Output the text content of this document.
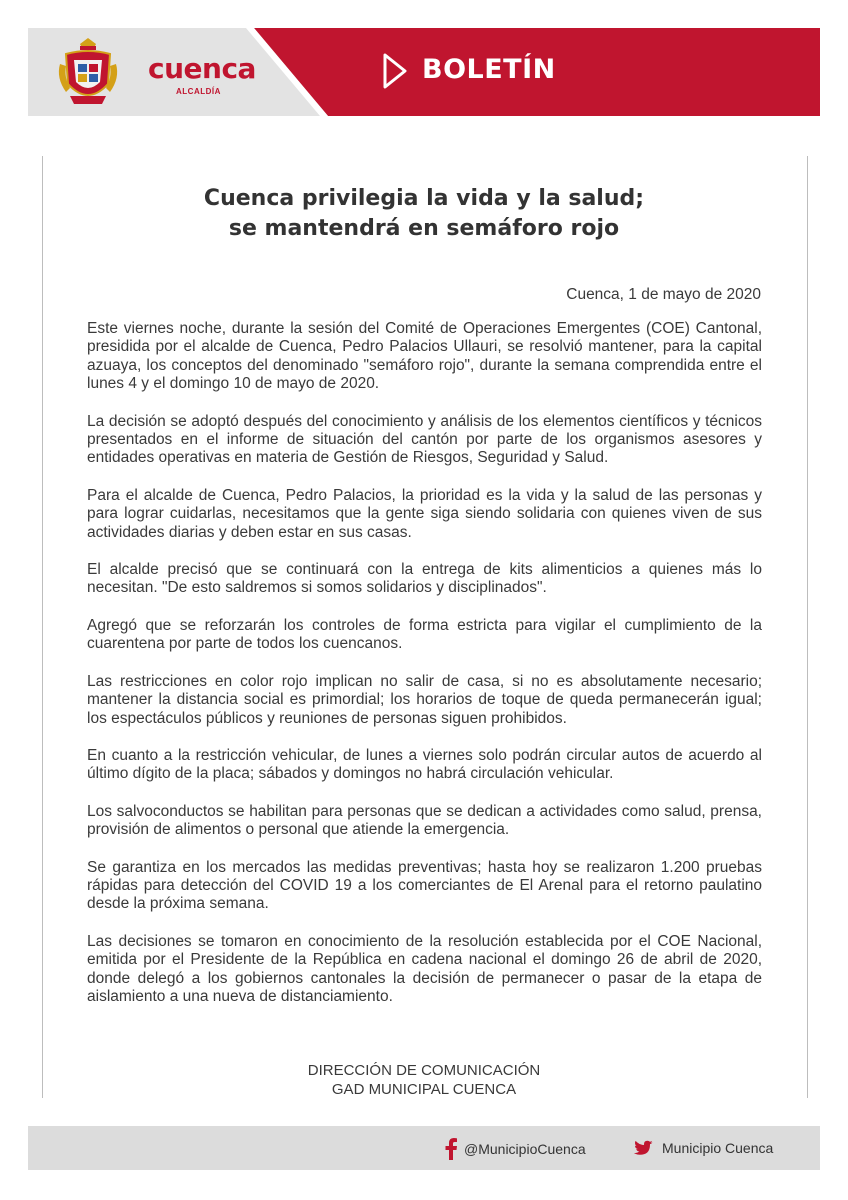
cuenca
ALCALDÍA
BOLETÍN
Cuenca privilegia la vida y la salud;
se mantendrá en semáforo rojo
Cuenca, 1 de mayo de 2020

Este viernes noche, durante la sesión del Comité de Operaciones Emergentes (COE) Cantonal, presidida por el alcalde de Cuenca, Pedro Palacios Ullauri, se resolvió mantener, para la capital azuaya, los conceptos del denominado "semáforo rojo", durante la semana comprendida entre el lunes 4 y el domingo 10 de mayo de 2020.

La decisión se adoptó después del conocimiento y análisis de los elementos científicos y técnicos presentados en el informe de situación del cantón por parte de los organismos asesores y entidades operativas en materia de Gestión de Riesgos, Seguridad y Salud.

Para el alcalde de Cuenca, Pedro Palacios, la prioridad es la vida y la salud de las personas y para lograr cuidarlas, necesitamos que la gente siga siendo solidaria con quienes viven de sus actividades diarias y deben estar en sus casas.

El alcalde precisó que se continuará con la entrega de kits alimenticios a quienes más lo necesitan. "De esto saldremos si somos solidarios y disciplinados".

Agregó que se reforzarán los controles de forma estricta para vigilar el cumplimiento de la cuarentena por parte de todos los cuencanos.

Las restricciones en color rojo implican no salir de casa, si no es absolutamente necesario; mantener la distancia social es primordial; los horarios de toque de queda permanecerán igual; los espectáculos públicos y reuniones de personas siguen prohibidos.

En cuanto a la restricción vehicular, de lunes a viernes solo podrán circular autos de acuerdo al último dígito de la placa; sábados y domingos no habrá circulación vehicular.

Los salvoconductos se habilitan para personas que se dedican a actividades como salud, prensa, provisión de alimentos o personal que atiende la emergencia.

Se garantiza en los mercados las medidas preventivas; hasta hoy se realizaron 1.200 pruebas rápidas para detección del COVID 19 a los comerciantes de El Arenal para el retorno paulatino desde la próxima semana.

Las decisiones se tomaron en conocimiento de la resolución establecida por el COE Nacional, emitida por el Presidente de la República en cadena nacional el domingo 26 de abril de 2020, donde delegó a los gobiernos cantonales la decisión de permanecer o pasar de la etapa de aislamiento a una nueva de distanciamiento.

DIRECCIÓN DE COMUNICACIÓN
GAD MUNICIPAL CUENCA
@MunicipioCuenca	Municipio Cuenca
